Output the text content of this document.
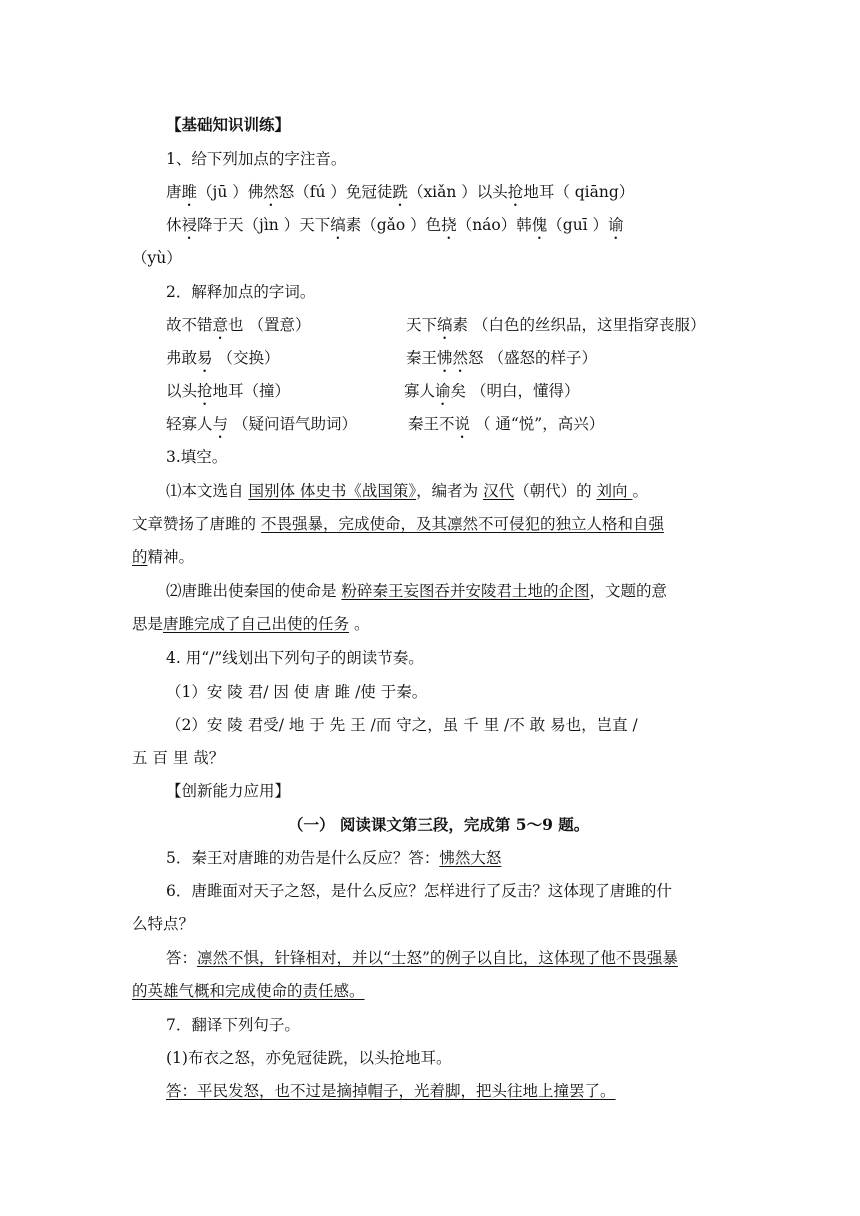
【基础知识训练】
1、给下列加点的字注音。
唐雎（jū ）佛然怒（fú ）免冠徒跣（xiǎn ）以头抢地耳（ qiāng）
休祲降于天（jìn ）天下缟素（gǎo ）色挠（náo）韩傀（guī ）谕
（yù）
2．解释加点的字词。
故不错意也 （置意）	天下缟素 （白色的丝织品，这里指穿丧服）
弗敢易 （交换）	秦王怫然怒 （盛怒的样子）
以头抢地耳（撞）	寡人谕矣 （明白，懂得）
轻寡人与 （疑问语气助词）	秦王不说 （ 通“悦”，高兴）
3.填空。
⑴本文选自 国别体 体史书《战国策》，编者为 汉代（朝代）的 刘向 。
文章赞扬了唐雎的 不畏强暴，完成使命，及其凛然不可侵犯的独立人格和自强
的精神。
⑵唐雎出使秦国的使命是 粉碎秦王妄图吞并安陵君土地的企图，文题的意
思是唐雎完成了自己出使的任务 。
4. 用“/”线划出下列句子的朗读节奏。
（1）安 陵 君/ 因 使 唐 雎 /使 于秦。
（2）安 陵 君受/ 地 于 先 王 /而 守之，虽 千 里 /不 敢 易也，岂直 /
五 百 里 哉？
【创新能力应用】
（一） 阅读课文第三段，完成第 5～9 题。
5．秦王对唐雎的劝告是什么反应？答：怫然大怒
6．唐雎面对天子之怒，是什么反应？怎样进行了反击？这体现了唐雎的什
么特点？
答：凛然不惧，针锋相对，并以“士怒”的例子以自比，这体现了他不畏强暴
的英雄气概和完成使命的责任感。
7．翻译下列句子。
(1)布衣之怒，亦免冠徒跣，以头抢地耳。
答：平民发怒，也不过是摘掉帽子，光着脚，把头往地上撞罢了。
